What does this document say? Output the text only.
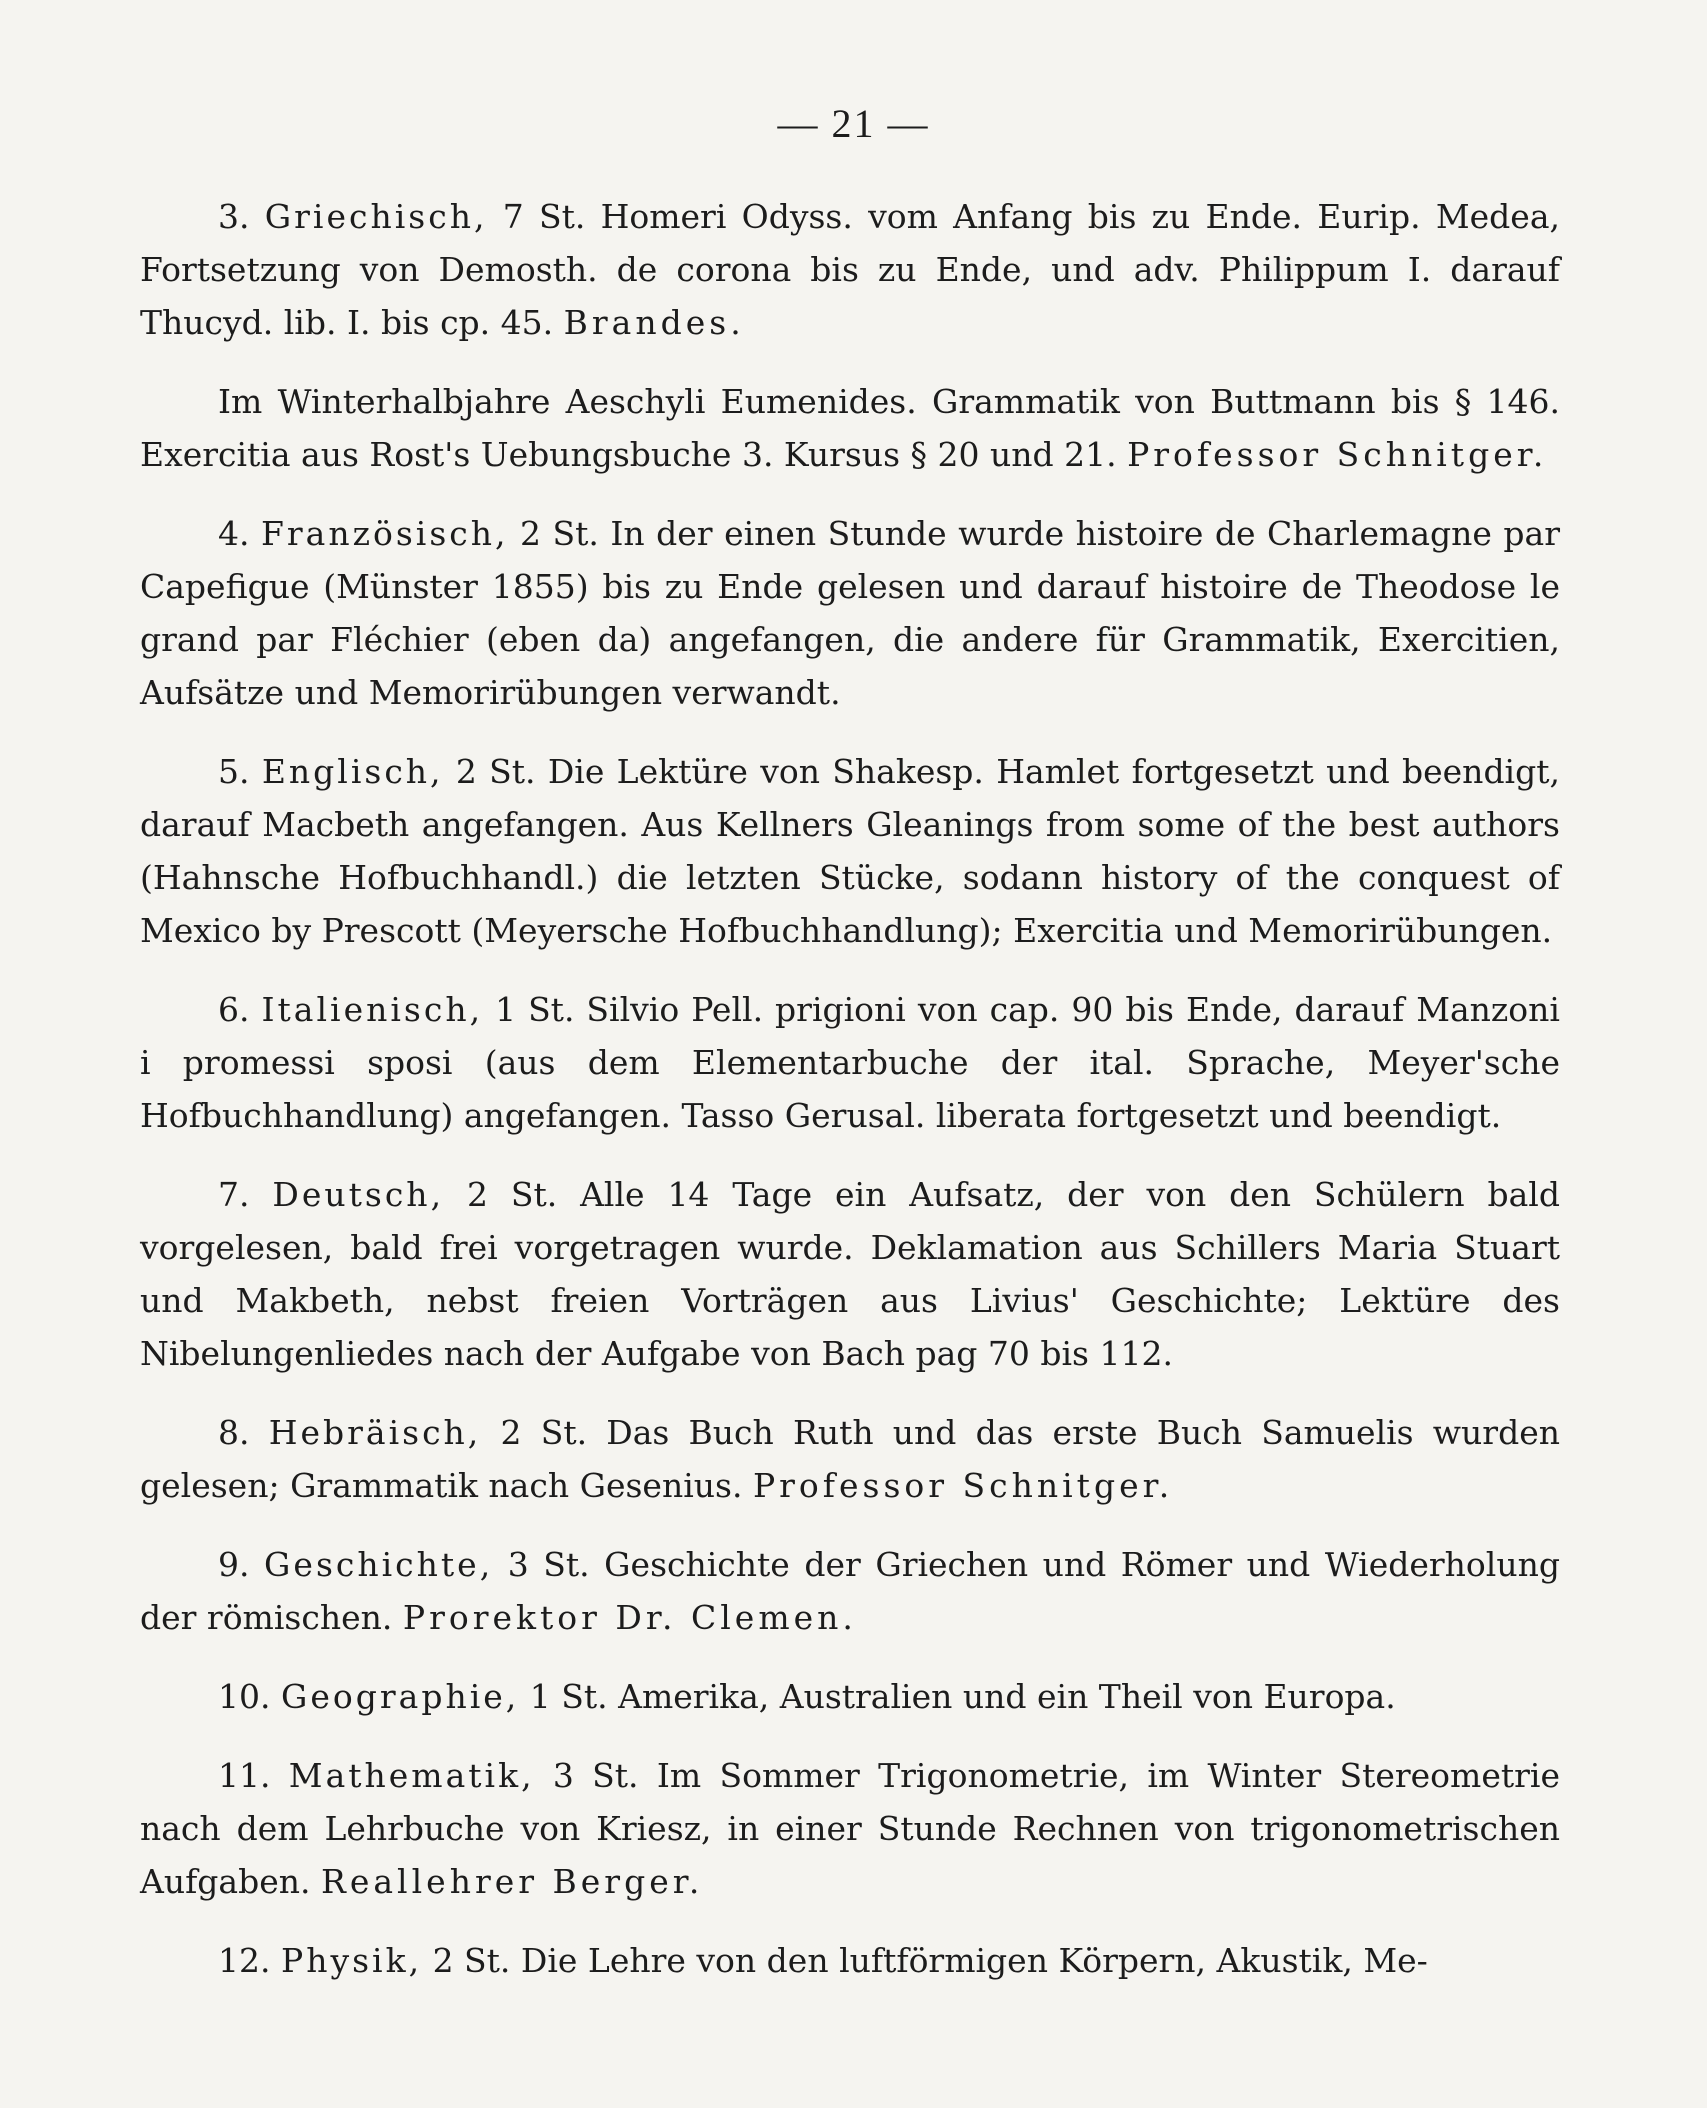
— 21 —

3. Griechisch, 7 St. Homeri Odyss. vom Anfang bis zu Ende. Eurip. Medea, Fortsetzung von Demosth. de corona bis zu Ende, und adv. Philippum I. darauf Thucyd. lib. I. bis cp. 45. Brandes.

Im Winterhalbjahre Aeschyli Eumenides. Grammatik von Buttmann bis § 146. Exercitia aus Rost's Uebungsbuche 3. Kursus § 20 und 21. Professor Schnitger.

4. Französisch, 2 St. In der einen Stunde wurde histoire de Charlemagne par Capefigue (Münster 1855) bis zu Ende gelesen und darauf histoire de Theodose le grand par Fléchier (eben da) angefangen, die andere für Grammatik, Exercitien, Aufsätze und Memorirübungen verwandt.

5. Englisch, 2 St. Die Lektüre von Shakesp. Hamlet fortgesetzt und beendigt, darauf Macbeth angefangen. Aus Kellners Gleanings from some of the best authors (Hahnsche Hofbuchhandl.) die letzten Stücke, sodann history of the conquest of Mexico by Prescott (Meyersche Hofbuchhandlung); Exercitia und Memorirübungen.

6. Italienisch, 1 St. Silvio Pell. prigioni von cap. 90 bis Ende, darauf Manzoni i promessi sposi (aus dem Elementarbuche der ital. Sprache, Meyer'sche Hofbuchhandlung) angefangen. Tasso Gerusal. liberata fortgesetzt und beendigt.

7. Deutsch, 2 St. Alle 14 Tage ein Aufsatz, der von den Schülern bald vorgelesen, bald frei vorgetragen wurde. Deklamation aus Schillers Maria Stuart und Makbeth, nebst freien Vorträgen aus Livius' Geschichte; Lektüre des Nibelungenliedes nach der Aufgabe von Bach pag 70 bis 112.

8. Hebräisch, 2 St. Das Buch Ruth und das erste Buch Samuelis wurden gelesen; Grammatik nach Gesenius. Professor Schnitger.

9. Geschichte, 3 St. Geschichte der Griechen und Römer und Wiederholung der römischen. Prorektor Dr. Clemen.

10. Geographie, 1 St. Amerika, Australien und ein Theil von Europa.

11. Mathematik, 3 St. Im Sommer Trigonometrie, im Winter Stereometrie nach dem Lehrbuche von Kriesz, in einer Stunde Rechnen von trigonometrischen Aufgaben. Reallehrer Berger.

12. Physik, 2 St. Die Lehre von den luftförmigen Körpern, Akustik, Me-
